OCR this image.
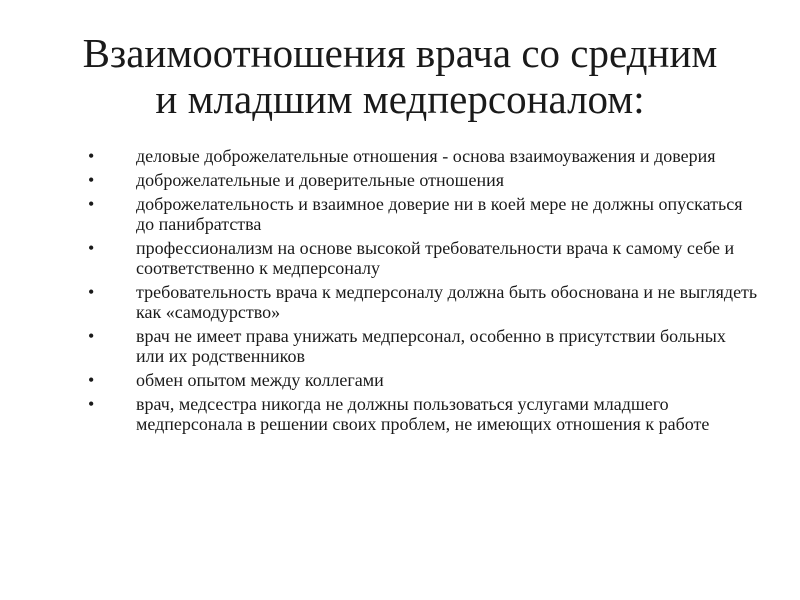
Взаимоотношения врача со средним
и младшим медперсоналом:
•	деловые доброжелательные отношения - основа взаимоуважения и доверия
•	доброжелательные и доверительные отношения
•	доброжелательность и взаимное доверие ни в коей мере не должны опускаться до панибратства
•	профессионализм на основе высокой требовательности врача к самому себе и соответственно к медперсоналу
•	требовательность врача к медперсоналу должна быть обоснована и не выглядеть как «самодурство»
•	врач не имеет права унижать медперсонал, особенно в присутствии больных или их родственников
•	обмен опытом между коллегами
•	врач, медсестра никогда не должны пользоваться услугами младшего медперсонала в решении своих проблем, не имеющих отношения к работе
